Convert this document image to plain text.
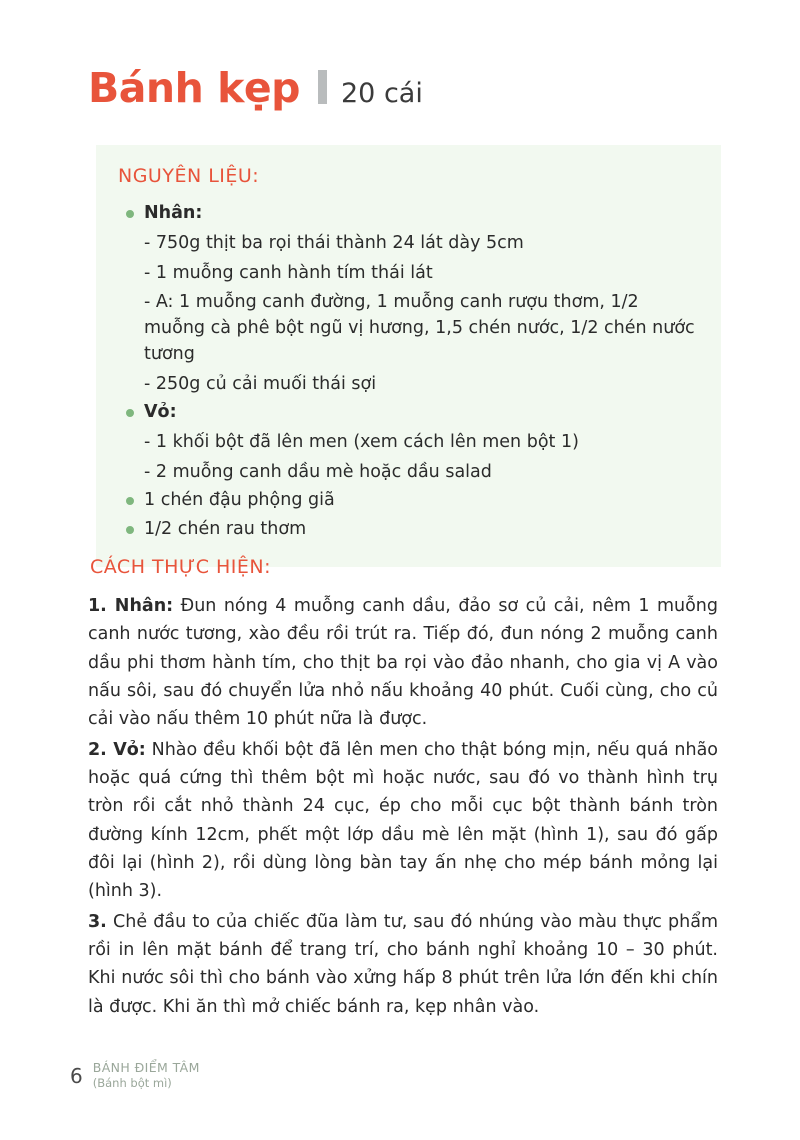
Bánh kẹp 20 cái
NGUYÊN LIỆU:
Nhân:
- 750g thịt ba rọi thái thành 24 lát dày 5cm
- 1 muỗng canh hành tím thái lát
- A: 1 muỗng canh đường, 1 muỗng canh rượu thơm, 1/2 muỗng cà phê bột ngũ vị hương, 1,5 chén nước, 1/2 chén nước tương
- 250g củ cải muối thái sợi
Vỏ:
- 1 khối bột đã lên men (xem cách lên men bột 1)
- 2 muỗng canh dầu mè hoặc dầu salad
1 chén đậu phộng giã
1/2 chén rau thơm
CÁCH THỰC HIỆN:

1. Nhân: Đun nóng 4 muỗng canh dầu, đảo sơ củ cải, nêm 1 muỗng canh nước tương, xào đều rồi trút ra. Tiếp đó, đun nóng 2 muỗng canh dầu phi thơm hành tím, cho thịt ba rọi vào đảo nhanh, cho gia vị A vào nấu sôi, sau đó chuyển lửa nhỏ nấu khoảng 40 phút. Cuối cùng, cho củ cải vào nấu thêm 10 phút nữa là được.

2. Vỏ: Nhào đều khối bột đã lên men cho thật bóng mịn, nếu quá nhão hoặc quá cứng thì thêm bột mì hoặc nước, sau đó vo thành hình trụ tròn rồi cắt nhỏ thành 24 cục, ép cho mỗi cục bột thành bánh tròn đường kính 12cm, phết một lớp dầu mè lên mặt (hình 1), sau đó gấp đôi lại (hình 2), rồi dùng lòng bàn tay ấn nhẹ cho mép bánh mỏng lại (hình 3).

3. Chẻ đầu to của chiếc đũa làm tư, sau đó nhúng vào màu thực phẩm rồi in lên mặt bánh để trang trí, cho bánh nghỉ khoảng 10 – 30 phút. Khi nước sôi thì cho bánh vào xửng hấp 8 phút trên lửa lớn đến khi chín là được. Khi ăn thì mở chiếc bánh ra, kẹp nhân vào.

6 BÁNH ĐIỂM TÂM
(Bánh bột mì)
